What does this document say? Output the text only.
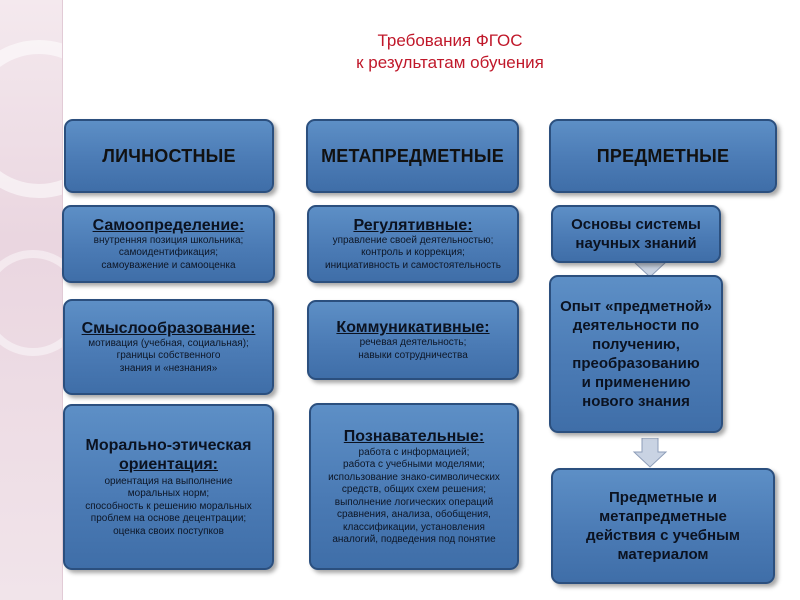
Требования ФГОС
к результатам обучения
ЛИЧНОСТНЫЕ
Самоопределение:
внутренняя позиция школьника;
самоидентификация;
самоуважение и самооценка
Смыслообразование:
мотивация (учебная, социальная);
границы собственного
знания и «незнания»
Морально-этическая
ориентация:
ориентация на выполнение
моральных норм;
способность к решению моральных
проблем на основе децентрации;
оценка своих поступков
МЕТАПРЕДМЕТНЫЕ
Регулятивные:
управление своей деятельностью;
контроль и коррекция;
инициативность и самостоятельность
Коммуникативные:
речевая деятельность;
навыки сотрудничества
Познавательные:
работа с информацией;
работа с учебными моделями;
использование знако-символических
средств, общих схем решения;
выполнение логических операций
сравнения, анализа, обобщения,
классификации, установления
аналогий, подведения под понятие
ПРЕДМЕТНЫЕ
Основы системы
научных знаний
Опыт «предметной»
деятельности по
получению,
преобразованию
и применению
нового знания
Предметные и
метапредметные
действия с учебным
материалом
